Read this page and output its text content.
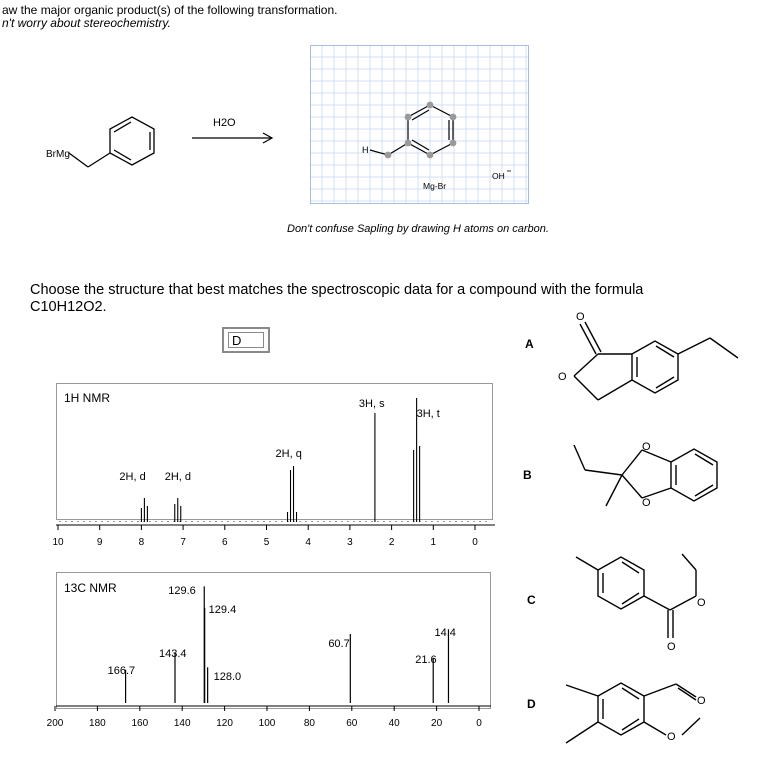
aw the major organic product(s) of the following transformation.
n't worry about stereochemistry.
BrMg
H2O
H
Mg-Br
OH
Don't confuse Sapling by drawing H atoms on carbon.
Choose the structure that best matches the spectroscopic data for a compound with the formula
C10H12O2.
D
1H NMR
2H, d 2H, d
2H, q
3H, s
3H, t
10	9	8	7	6	5	4	3	2	1	0
13C NMR
166.7
143.4
129.6
129.4
128.0
60.7
21.6
14.4
200	180	160	140	120	100	80	60	40	20	0
A
O
O
B
O
O
C	O
O
D	O
O
